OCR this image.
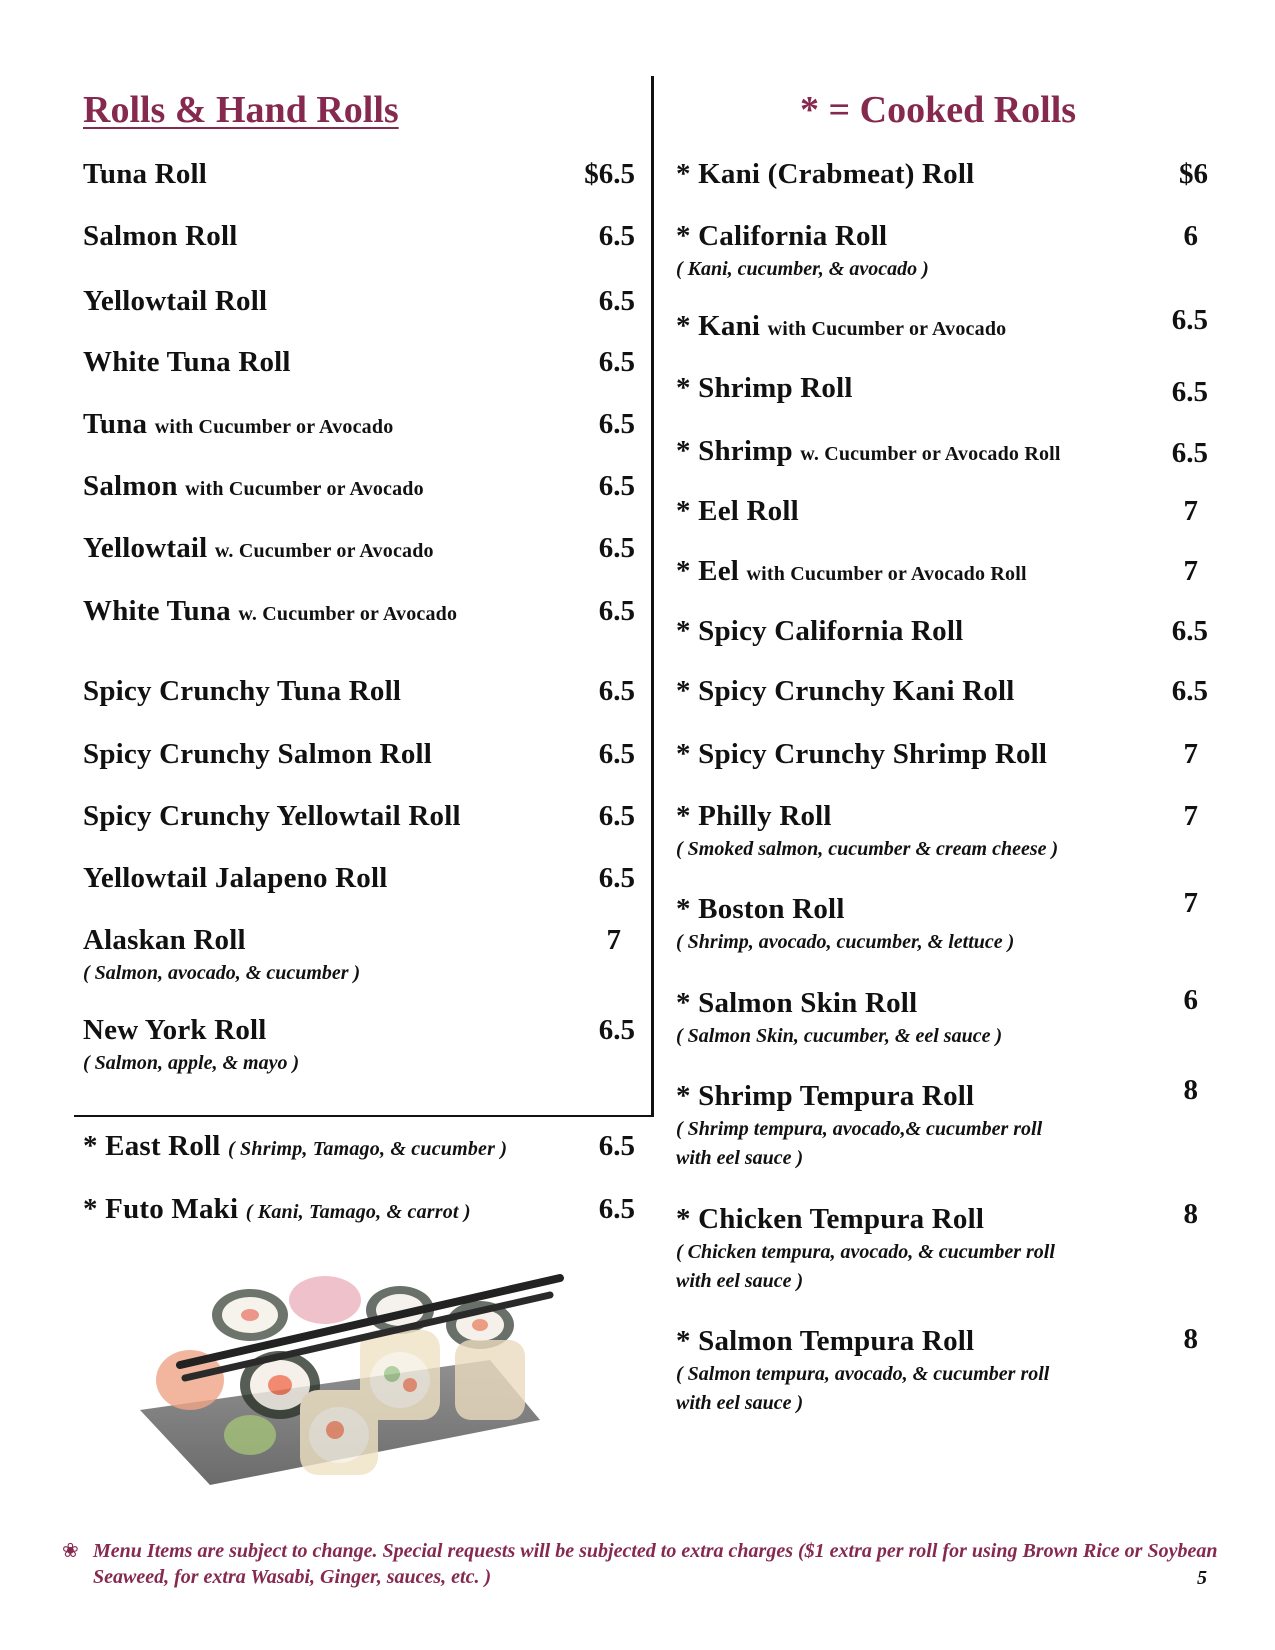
Rolls & Hand Rolls	* = Cooked Rolls
Tuna Roll	$6.5
Salmon Roll	6.5
Yellowtail Roll	6.5
White Tuna Roll	6.5
Tuna with Cucumber or Avocado	6.5
Salmon with Cucumber or Avocado	6.5
Yellowtail w. Cucumber or Avocado	6.5
White Tuna w. Cucumber or Avocado	6.5
Spicy Crunchy Tuna Roll	6.5
Spicy Crunchy Salmon Roll	6.5
Spicy Crunchy Yellowtail Roll	6.5
Yellowtail Jalapeno Roll	6.5
Alaskan Roll	7
( Salmon, avocado, & cucumber )
New York Roll	6.5
( Salmon, apple, & mayo )
* East Roll ( Shrimp, Tamago, & cucumber )	6.5
* Futo Maki ( Kani, Tamago, & carrot )	6.5
* Kani (Crabmeat) Roll	$6
* California Roll	6
( Kani, cucumber, & avocado )
* Kani with Cucumber or Avocado	6.5
* Shrimp Roll	6.5
* Shrimp w. Cucumber or Avocado Roll	6.5
* Eel Roll	7
* Eel with Cucumber or Avocado Roll	7
* Spicy California Roll	6.5
* Spicy Crunchy Kani Roll	6.5
* Spicy Crunchy Shrimp Roll	7
* Philly Roll	7
( Smoked salmon, cucumber & cream cheese )
* Boston Roll	7
( Shrimp, avocado, cucumber, & lettuce )
* Salmon Skin Roll	6
( Salmon Skin, cucumber, & eel sauce )
* Shrimp Tempura Roll	8
( Shrimp tempura, avocado,& cucumber roll
with eel sauce )
* Chicken Tempura Roll	8
( Chicken tempura, avocado, & cucumber roll
with eel sauce )
* Salmon Tempura Roll	8
( Salmon tempura, avocado, & cucumber roll
with eel sauce )
❀ Menu Items are subject to change. Special requests will be subjected to extra charges ($1 extra per roll for using Brown Rice or Soybean Seaweed, for extra Wasabi, Ginger, sauces, etc. )	5
